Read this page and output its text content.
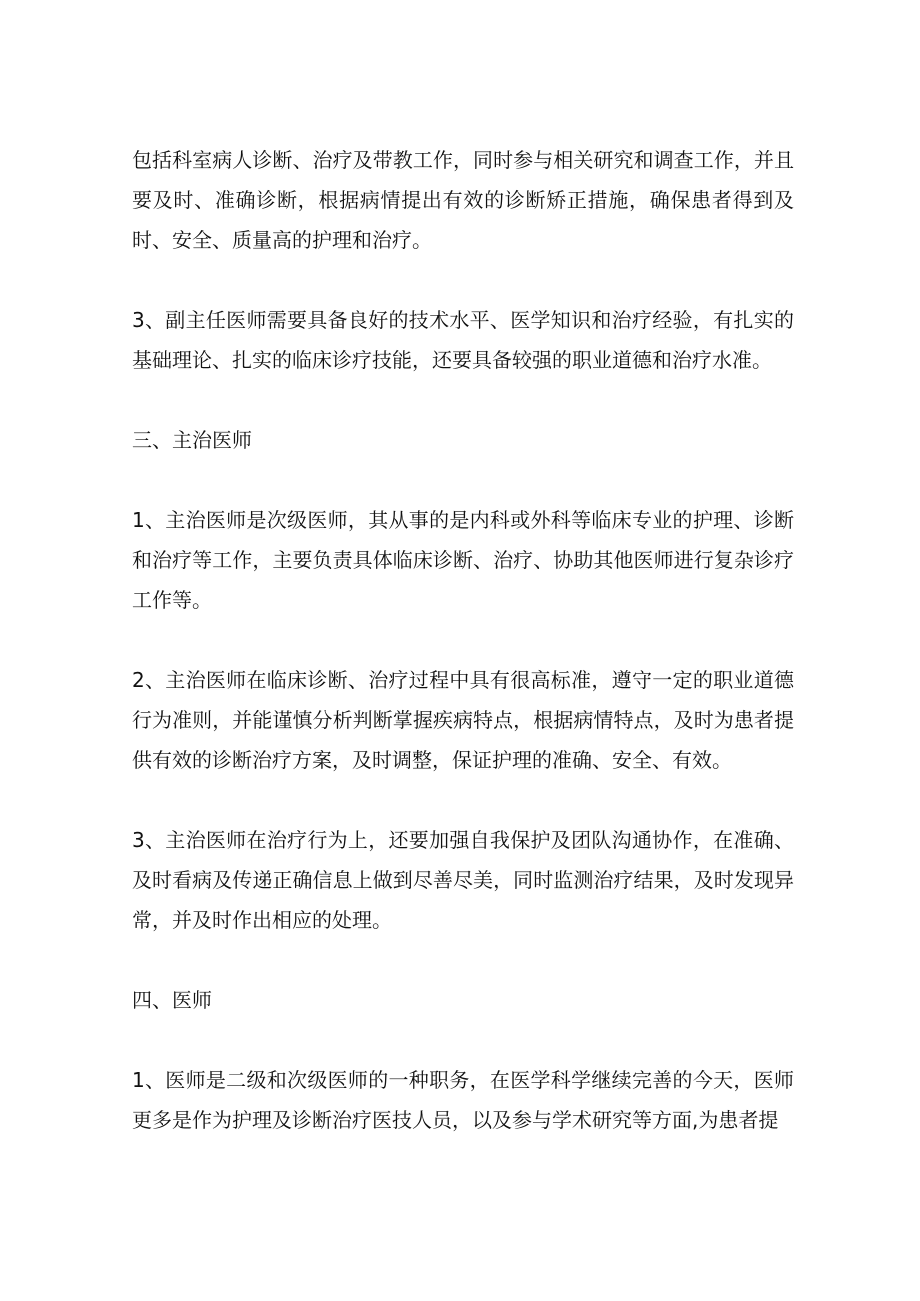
包括科室病人诊断、治疗及带教工作，同时参与相关研究和调查工作，并且要及时、准确诊断，根据病情提出有效的诊断矫正措施，确保患者得到及时、安全、质量高的护理和治疗。

3、副主任医师需要具备良好的技术水平、医学知识和治疗经验，有扎实的基础理论、扎实的临床诊疗技能，还要具备较强的职业道德和治疗水准。

三、主治医师

1、主治医师是次级医师，其从事的是内科或外科等临床专业的护理、诊断和治疗等工作，主要负责具体临床诊断、治疗、协助其他医师进行复杂诊疗工作等。

2、主治医师在临床诊断、治疗过程中具有很高标准，遵守一定的职业道德行为准则，并能谨慎分析判断掌握疾病特点，根据病情特点，及时为患者提供有效的诊断治疗方案，及时调整，保证护理的准确、安全、有效。

3、主治医师在治疗行为上，还要加强自我保护及团队沟通协作，在准确、及时看病及传递正确信息上做到尽善尽美，同时监测治疗结果，及时发现异常，并及时作出相应的处理。

四、医师

1、医师是二级和次级医师的一种职务，在医学科学继续完善的今天，医师更多是作为护理及诊断治疗医技人员，以及参与学术研究等方面,为患者提
